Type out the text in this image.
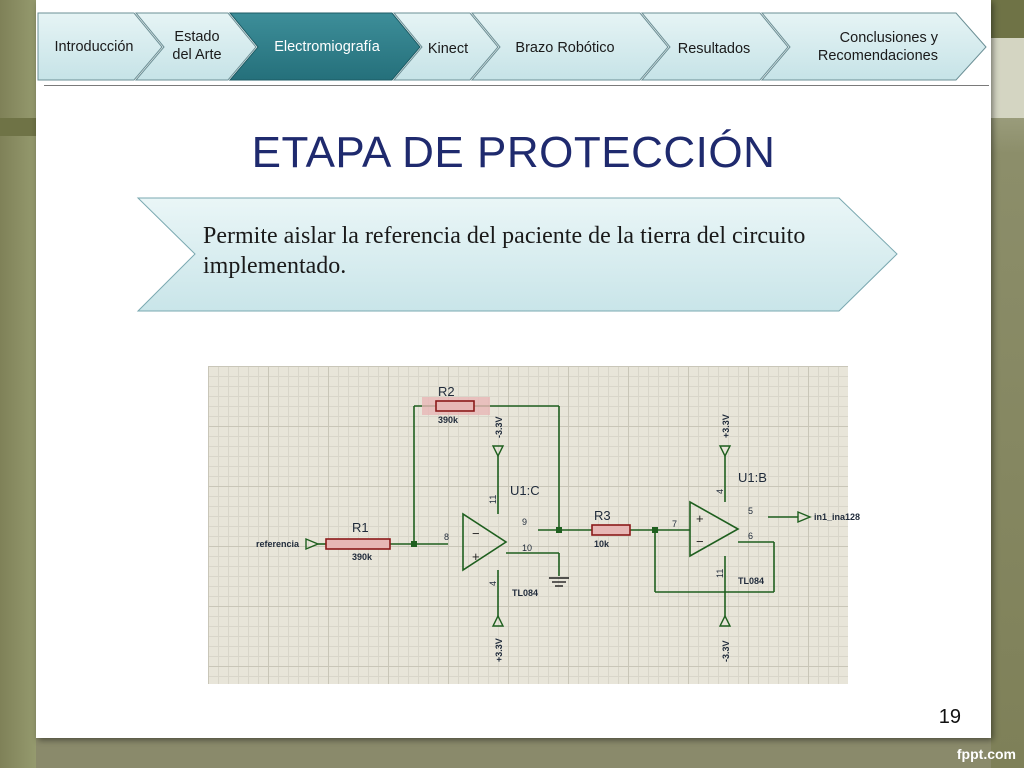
Introducción
Estado
del Arte	Electromiografía	Kinect	Brazo Robótico	Resultados
Conclusiones y
Recomendaciones
ETAPA DE PROTECCIÓN
Permite aislar la referencia del paciente de la tierra del circuito implementado.
−
+
+
−
R1
R2
R3
U1:C
U1:B
390k
390k
10k
TL084
TL084
referencia
in1_ina128
8
9
10
7
5
6
11
4
4
11
-3.3V
+3.3V
+3.3V
-3.3V
19
fppt.com
